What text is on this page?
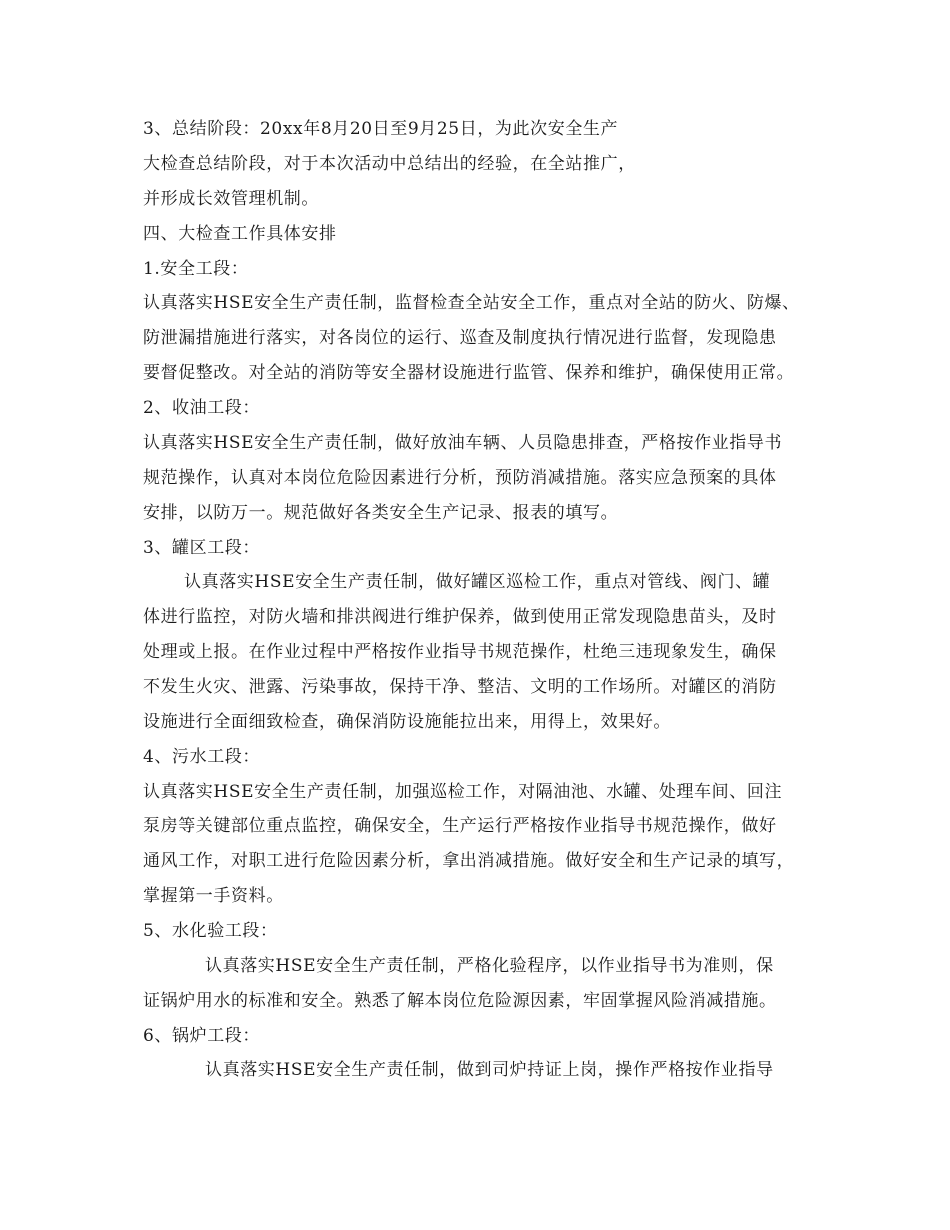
3、总结阶段：20xx年8月20日至9月25日，为此次安全生产
大检查总结阶段，对于本次活动中总结出的经验，在全站推广，
并形成长效管理机制。
四、大检查工作具体安排
1.安全工段：
认真落实HSE安全生产责任制，监督检查全站安全工作，重点对全站的防火、防爆、
防泄漏措施进行落实，对各岗位的运行、巡查及制度执行情况进行监督，发现隐患
要督促整改。对全站的消防等安全器材设施进行监管、保养和维护，确保使用正常。
2、收油工段：
认真落实HSE安全生产责任制，做好放油车辆、人员隐患排查，严格按作业指导书
规范操作，认真对本岗位危险因素进行分析，预防消减措施。落实应急预案的具体
安排，以防万一。规范做好各类安全生产记录、报表的填写。
3、罐区工段：
认真落实HSE安全生产责任制，做好罐区巡检工作，重点对管线、阀门、罐
体进行监控，对防火墙和排洪阀进行维护保养，做到使用正常发现隐患苗头，及时
处理或上报。在作业过程中严格按作业指导书规范操作，杜绝三违现象发生，确保
不发生火灾、泄露、污染事故，保持干净、整洁、文明的工作场所。对罐区的消防
设施进行全面细致检查，确保消防设施能拉出来，用得上，效果好。
4、污水工段：
认真落实HSE安全生产责任制，加强巡检工作，对隔油池、水罐、处理车间、回注
泵房等关键部位重点监控，确保安全，生产运行严格按作业指导书规范操作，做好
通风工作，对职工进行危险因素分析，拿出消减措施。做好安全和生产记录的填写，
掌握第一手资料。
5、水化验工段：
认真落实HSE安全生产责任制，严格化验程序，以作业指导书为准则，保
证锅炉用水的标准和安全。熟悉了解本岗位危险源因素，牢固掌握风险消减措施。
6、锅炉工段：
认真落实HSE安全生产责任制，做到司炉持证上岗，操作严格按作业指导
